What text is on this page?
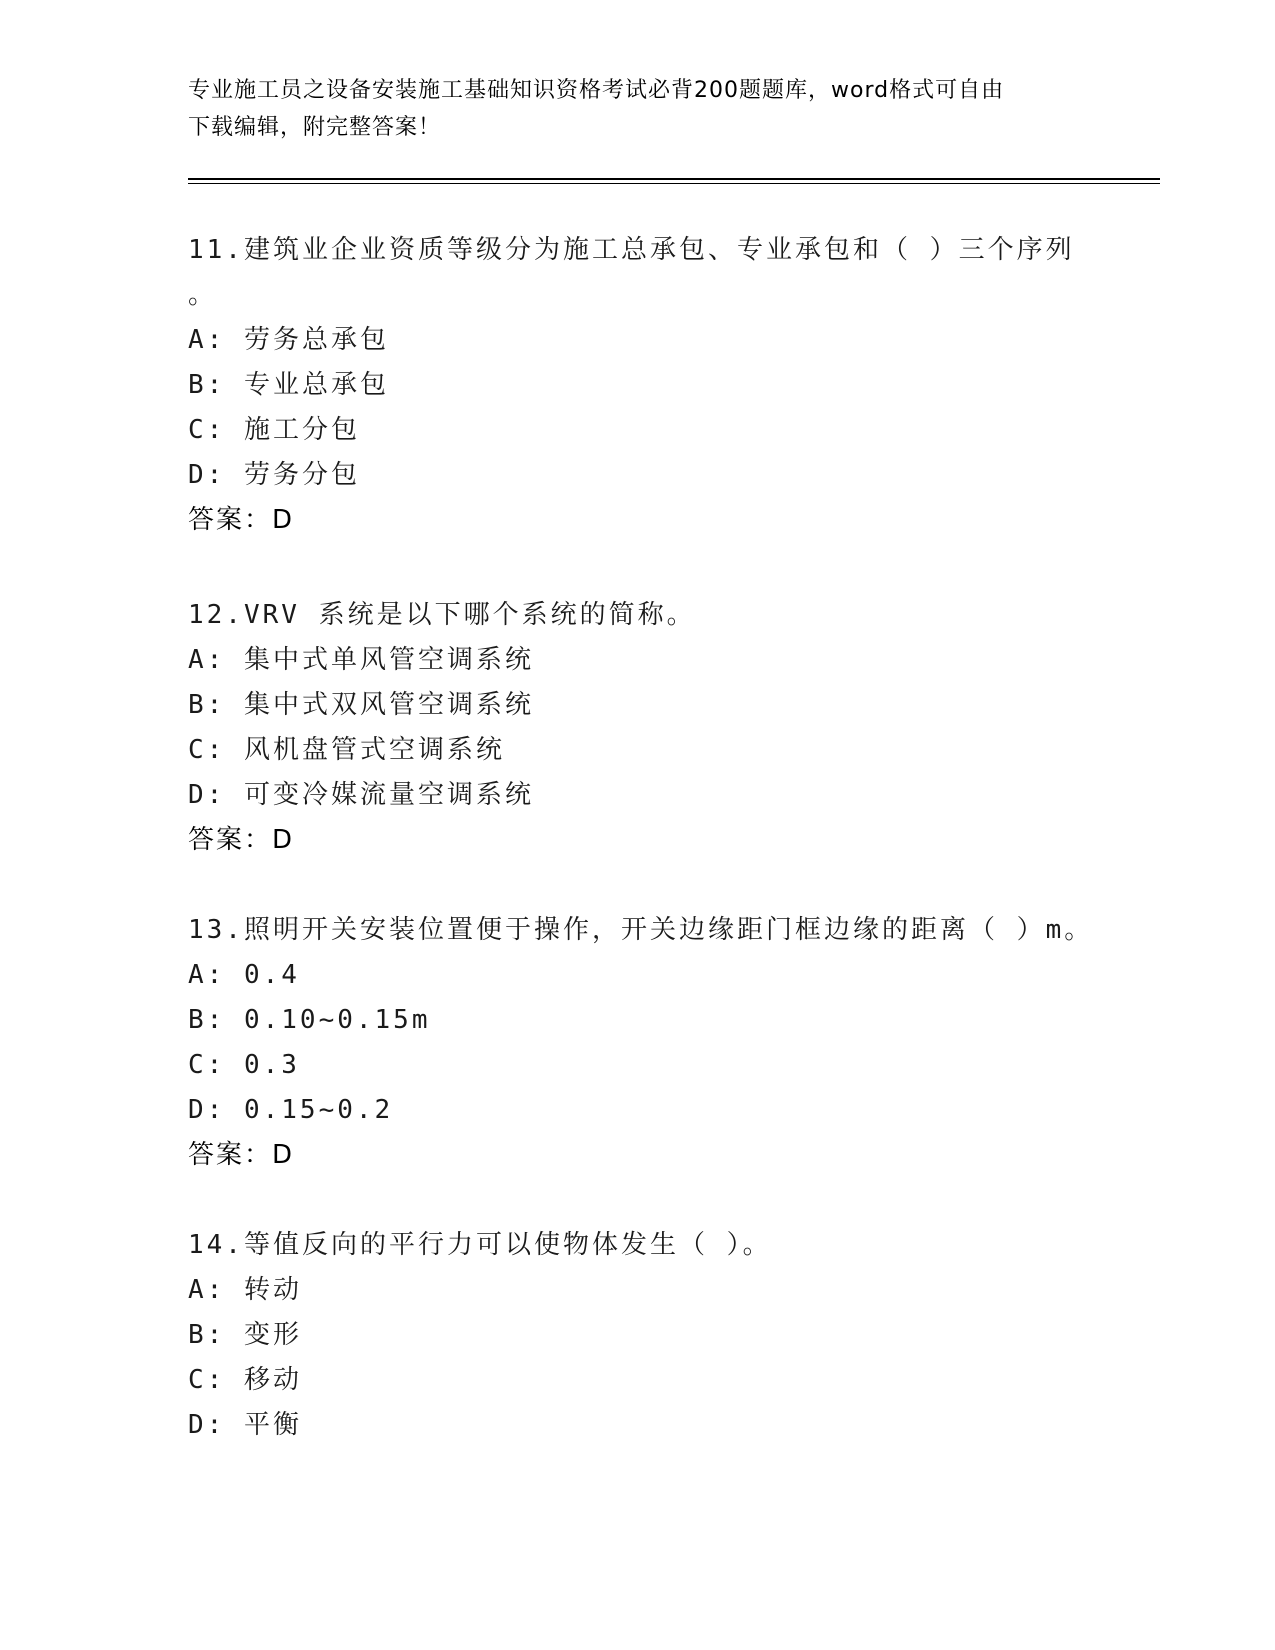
专业施工员之设备安装施工基础知识资格考试必背200题题库，word格式可自由
下载编辑，附完整答案！
11.建筑业企业资质等级分为施工总承包、专业承包和（ ）三个序列
。
A: 劳务总承包
B: 专业总承包
C: 施工分包
D: 劳务分包
答案：D
12.VRV 系统是以下哪个系统的简称。
A: 集中式单风管空调系统
B: 集中式双风管空调系统
C: 风机盘管式空调系统
D: 可变冷媒流量空调系统
答案：D
13.照明开关安装位置便于操作，开关边缘距门框边缘的距离（ ）m。
A: 0.4
B: 0.10~0.15m
C: 0.3
D: 0.15~0.2
答案：D
14.等值反向的平行力可以使物体发生（ ）。
A: 转动
B: 变形
C: 移动
D: 平衡
